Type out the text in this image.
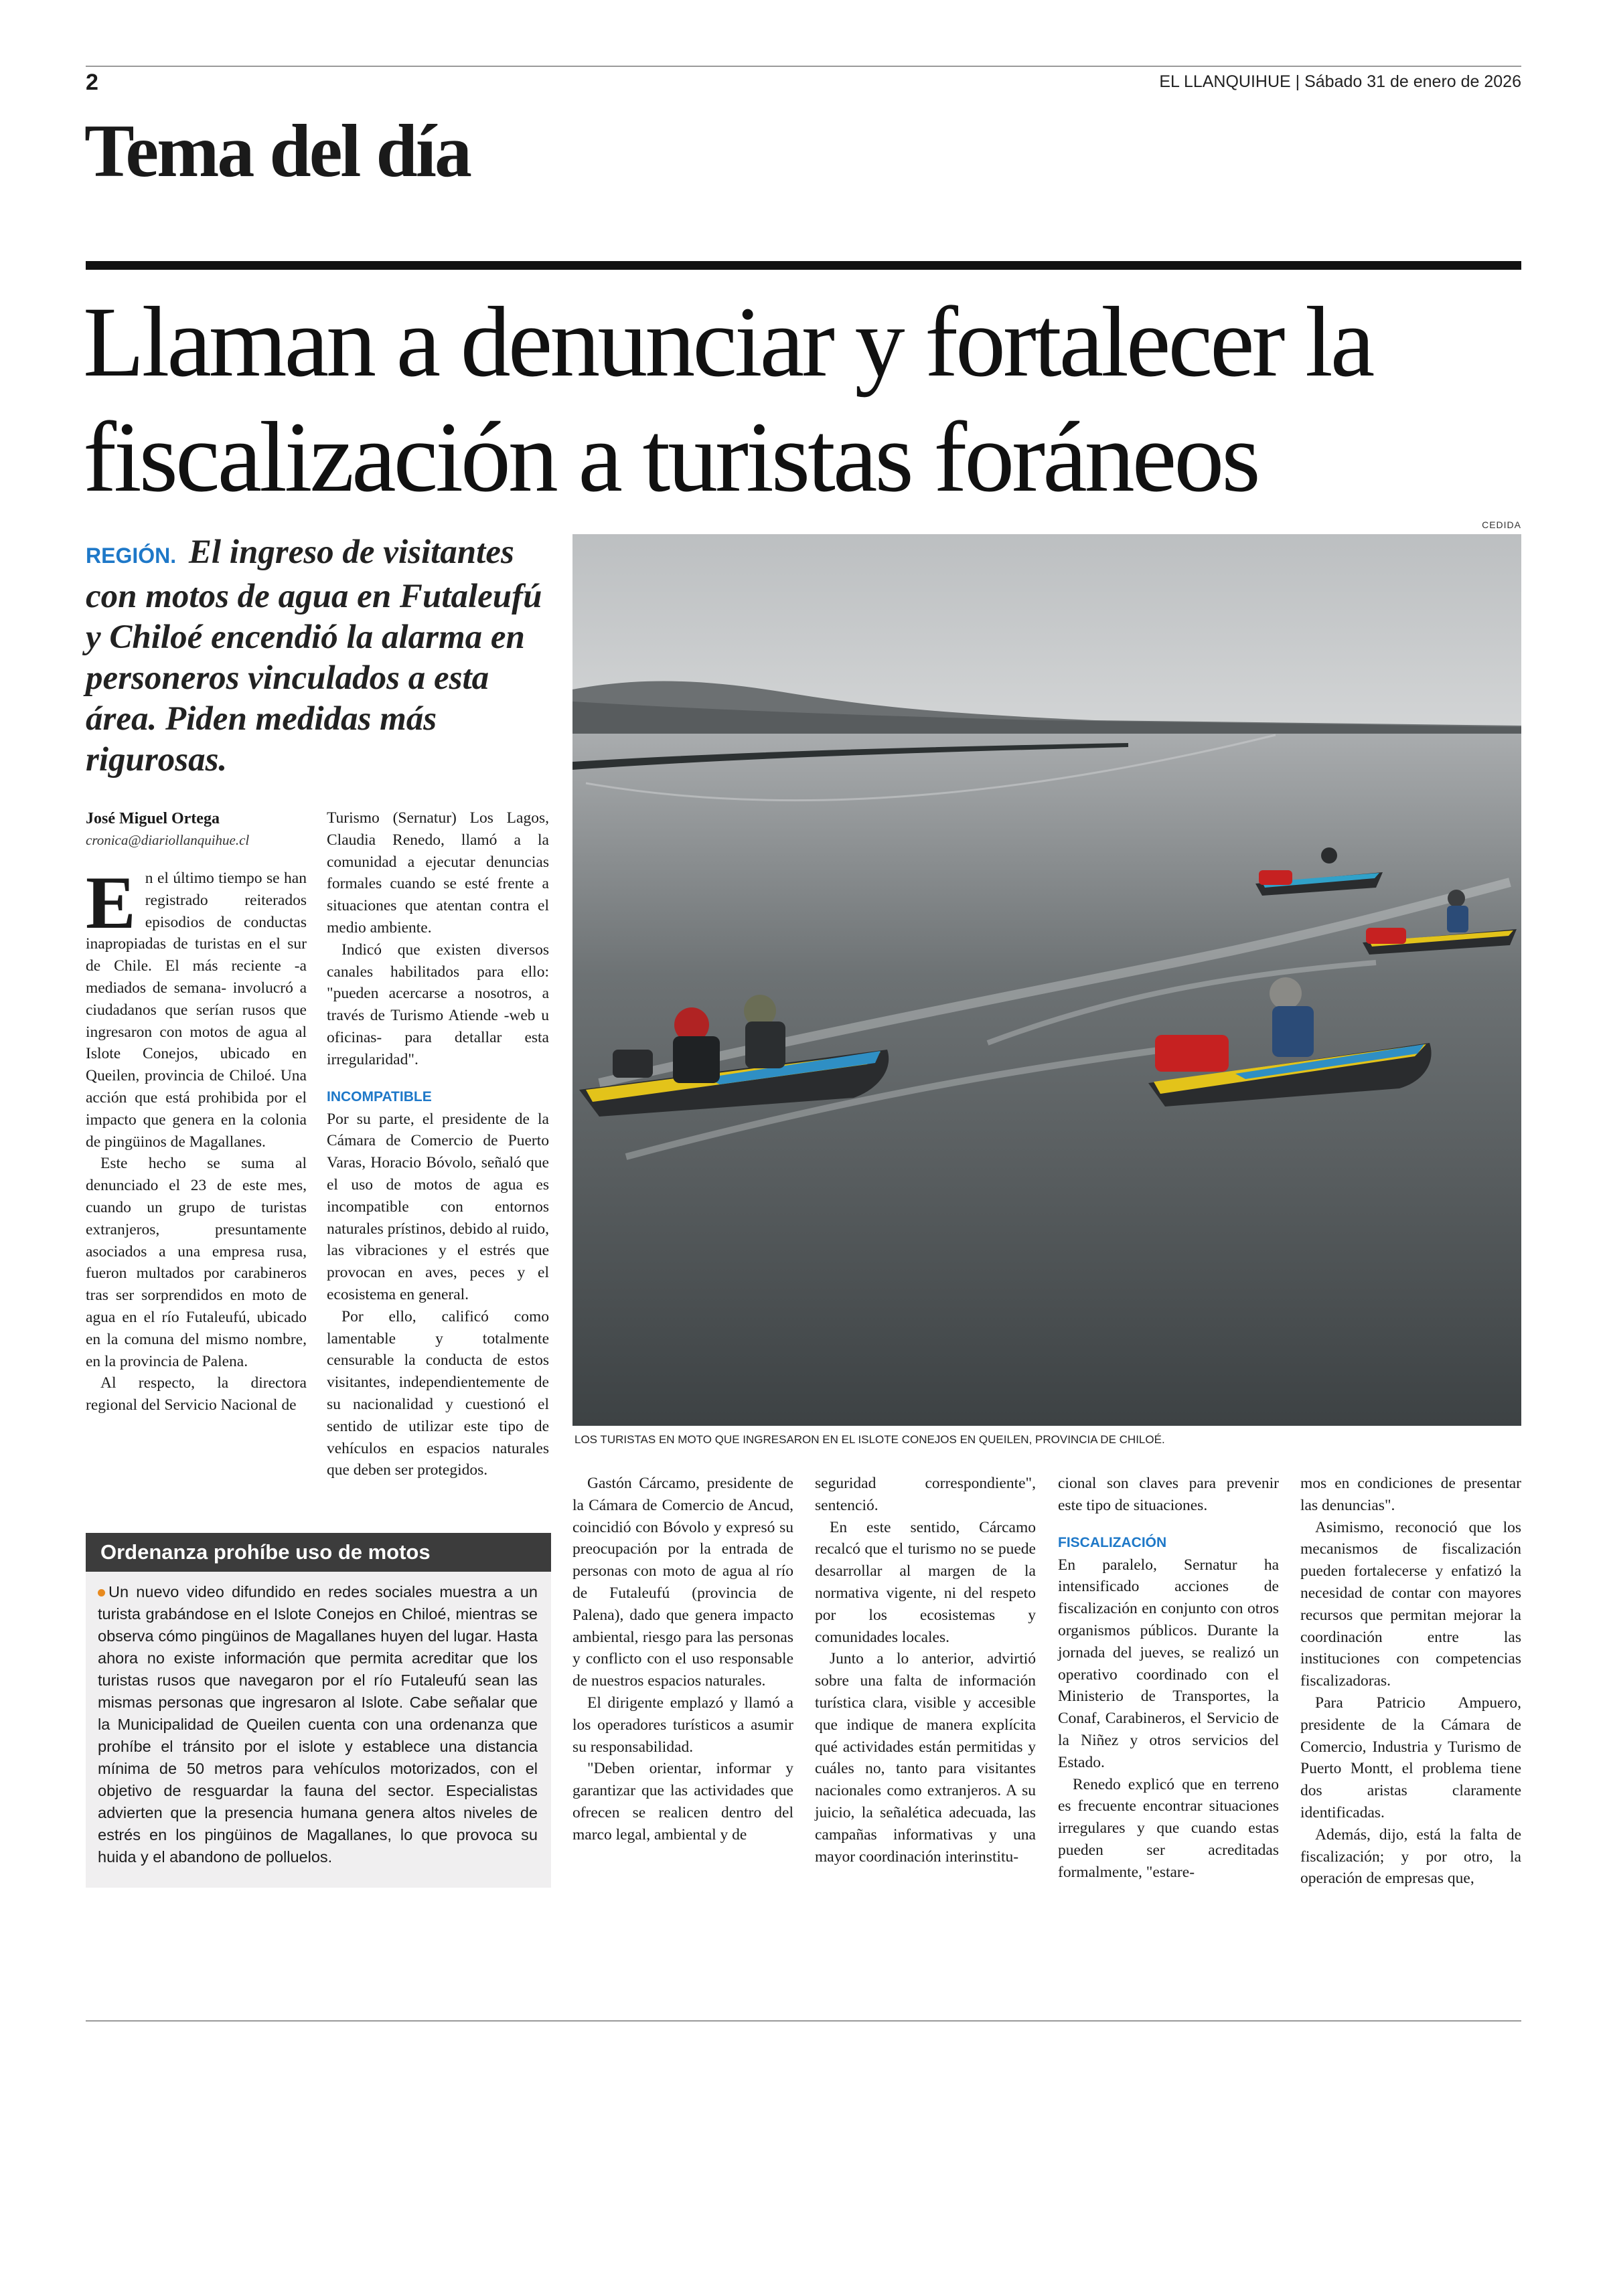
2	EL LLANQUIHUE | Sábado 31 de enero de 2026
Tema del día
Llaman a denunciar y fortalecer la fiscalización a turistas foráneos
CEDIDA
REGIÓN. El ingreso de visitantes con motos de agua en Futaleufú y Chiloé encendió la alarma en personeros vinculados a esta área. Piden medidas más rigurosas.
LOS TURISTAS EN MOTO QUE INGRESARON EN EL ISLOTE CONEJOS EN QUEILEN, PROVINCIA DE CHILOÉ.
José Miguel Ortega
cronica@diariollanquihue.cl

En el último tiempo se han registrado reiterados episodios de conductas inapropiadas de turistas en el sur de Chile. El más reciente -a mediados de semana- involucró a ciudadanos que serían rusos que ingresaron con motos de agua al Islote Conejos, ubicado en Queilen, provincia de Chiloé. Una acción que está prohibida por el impacto que genera en la colonia de pingüinos de Magallanes.

Este hecho se suma al denunciado el 23 de este mes, cuando un grupo de turistas extranjeros, presuntamente asociados a una empresa rusa, fueron multados por carabineros tras ser sorprendidos en moto de agua en el río Futaleufú, ubicado en la comuna del mismo nombre, en la provincia de Palena.

Al respecto, la directora regional del Servicio Nacional de

Turismo (Sernatur) Los Lagos, Claudia Renedo, llamó a la comunidad a ejecutar denuncias formales cuando se esté frente a situaciones que atentan contra el medio ambiente.

Indicó que existen diversos canales habilitados para ello: "pueden acercarse a nosotros, a través de Turismo Atiende -web u oficinas- para detallar esta irregularidad".

INCOMPATIBLE

Por su parte, el presidente de la Cámara de Comercio de Puerto Varas, Horacio Bóvolo, señaló que el uso de motos de agua es incompatible con entornos naturales prístinos, debido al ruido, las vibraciones y el estrés que provocan en aves, peces y el ecosistema en general.

Por ello, calificó como lamentable y totalmente censurable la conducta de estos visitantes, independientemente de su nacionalidad y cuestionó el sentido de utilizar este tipo de vehículos en espacios naturales que deben ser protegidos.

Ordenanza prohíbe uso de motos
Un nuevo video difundido en redes sociales muestra a un turista grabándose en el Islote Conejos en Chiloé, mientras se observa cómo pingüinos de Magallanes huyen del lugar. Hasta ahora no existe información que permita acreditar que los turistas rusos que navegaron por el río Futaleufú sean las mismas personas que ingresaron al Islote. Cabe señalar que la Municipalidad de Queilen cuenta con una ordenanza que prohíbe el tránsito por el islote y establece una distancia mínima de 50 metros para vehículos motorizados, con el objetivo de resguardar la fauna del sector. Especialistas advierten que la presencia humana genera altos niveles de estrés en los pingüinos de Magallanes, lo que provoca su huida y el abandono de polluelos.

Gastón Cárcamo, presidente de la Cámara de Comercio de Ancud, coincidió con Bóvolo y expresó su preocupación por la entrada de personas con moto de agua al río de Futaleufú (provincia de Palena), dado que genera impacto ambiental, riesgo para las personas y conflicto con el uso responsable de nuestros espacios naturales.

El dirigente emplazó y llamó a los operadores turísticos a asumir su responsabilidad.

"Deben orientar, informar y garantizar que las actividades que ofrecen se realicen dentro del marco legal, ambiental y de

seguridad correspondiente", sentenció.

En este sentido, Cárcamo recalcó que el turismo no se puede desarrollar al margen de la normativa vigente, ni del respeto por los ecosistemas y comunidades locales.

Junto a lo anterior, advirtió sobre una falta de información turística clara, visible y accesible que indique de manera explícita qué actividades están permitidas y cuáles no, tanto para visitantes nacionales como extranjeros. A su juicio, la señalética adecuada, las campañas informativas y una mayor coordinación interinstitu-

cional son claves para prevenir este tipo de situaciones.

FISCALIZACIÓN

En paralelo, Sernatur ha intensificado acciones de fiscalización en conjunto con otros organismos públicos. Durante la jornada del jueves, se realizó un operativo coordinado con el Ministerio de Transportes, la Conaf, Carabineros, el Servicio de la Niñez y otros servicios del Estado.

Renedo explicó que en terreno es frecuente encontrar situaciones irregulares y que cuando estas pueden ser acreditadas formalmente, "estare-

mos en condiciones de presentar las denuncias".

Asimismo, reconoció que los mecanismos de fiscalización pueden fortalecerse y enfatizó la necesidad de contar con mayores recursos que permitan mejorar la coordinación entre las instituciones con competencias fiscalizadoras.

Para Patricio Ampuero, presidente de la Cámara de Comercio, Industria y Turismo de Puerto Montt, el problema tiene dos aristas claramente identificadas.

Además, dijo, está la falta de fiscalización; y por otro, la operación de empresas que,
